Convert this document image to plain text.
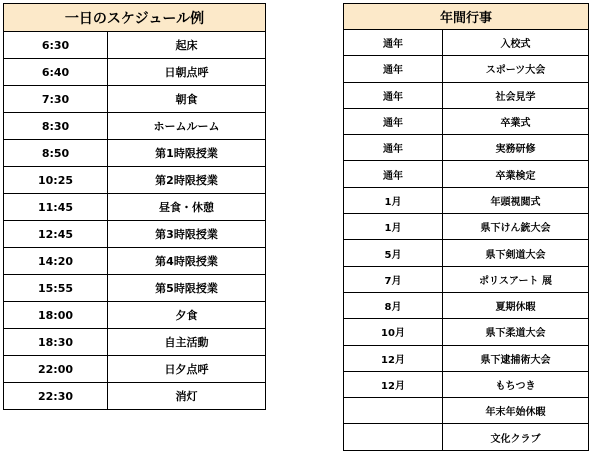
一日のスケジュール例	
6:30	起床
6:40	日朝点呼
7:30	朝食
8:30	ホームルーム
8:50	第1時限授業
10:25	第2時限授業
11:45	昼食・休憩
12:45	第3時限授業
14:20	第4時限授業
15:55	第5時限授業
18:00	夕食
18:30	自主活動
22:00	日夕点呼
22:30	消灯
年間行事	
通年	入校式
通年	スポーツ大会
通年	社会見学
通年	卒業式
通年	実務研修
通年	卒業検定
1月	年頭視閲式
1月	県下けん銃大会
5月	県下剣道大会
7月	ポリスアート 展
8月	夏期休暇
10月	県下柔道大会
12月	県下逮捕術大会
12月	もちつき
	年末年始休暇
	文化クラブ
